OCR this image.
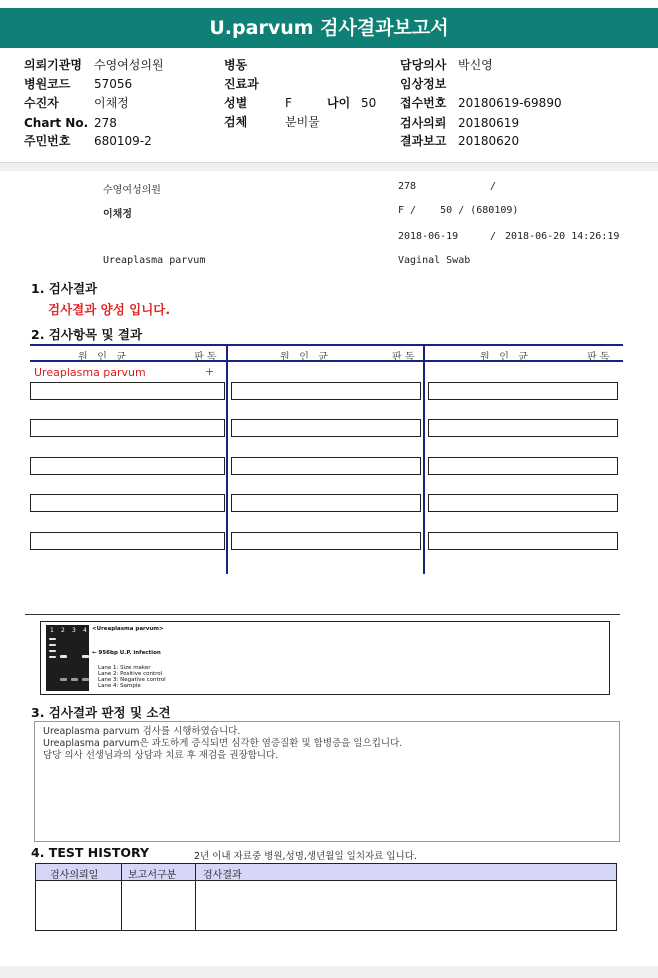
U.parvum 검사결과보고서
의뢰기관명 수영여성의원
병원코드 57056
수진자	이채정
Chart No. 278
주민번호 680109-2
병동
진료과
성별	F	나이 50
검체	분비물
담당의사 박신영
임상정보
접수번호 20180619-69890
검사의뢰 20180619
결과보고 20180620
수영여성의원	278	/
이채정	F /    50 / (680109)
2018-06-19	/ 2018-06-20 14:26:19
Ureaplasma parvum	Vaginal Swab
1. 검사결과
검사결과 양성 입니다.
2. 검사항목 및 결과
원   인   균	판 독	원   인   균	판 독	원   인   균	판 독
Ureaplasma parvum	+
1 2 3 4 <Ureaplasma parvum>
← 956bp U.P. infection
Lane 1: Size maker
Lane 2: Positive control
Lane 3: Negative control
Lane 4: Sample
3. 검사결과 판정 및 소견
Ureaplasma parvum 검사를 시행하였습니다.
Ureaplasma parvum은 과도하게 증식되면 심각한 염증질환 및 합병증을 일으킵니다.
담당 의사 선생님과의 상담과 치료 후 재검을 권장합니다.
4. TEST HISTORY	2년 이내 자료중 병원,성명,생년월일 일치자료 입니다.
검사의뢰일	보고서구분	검사결과
